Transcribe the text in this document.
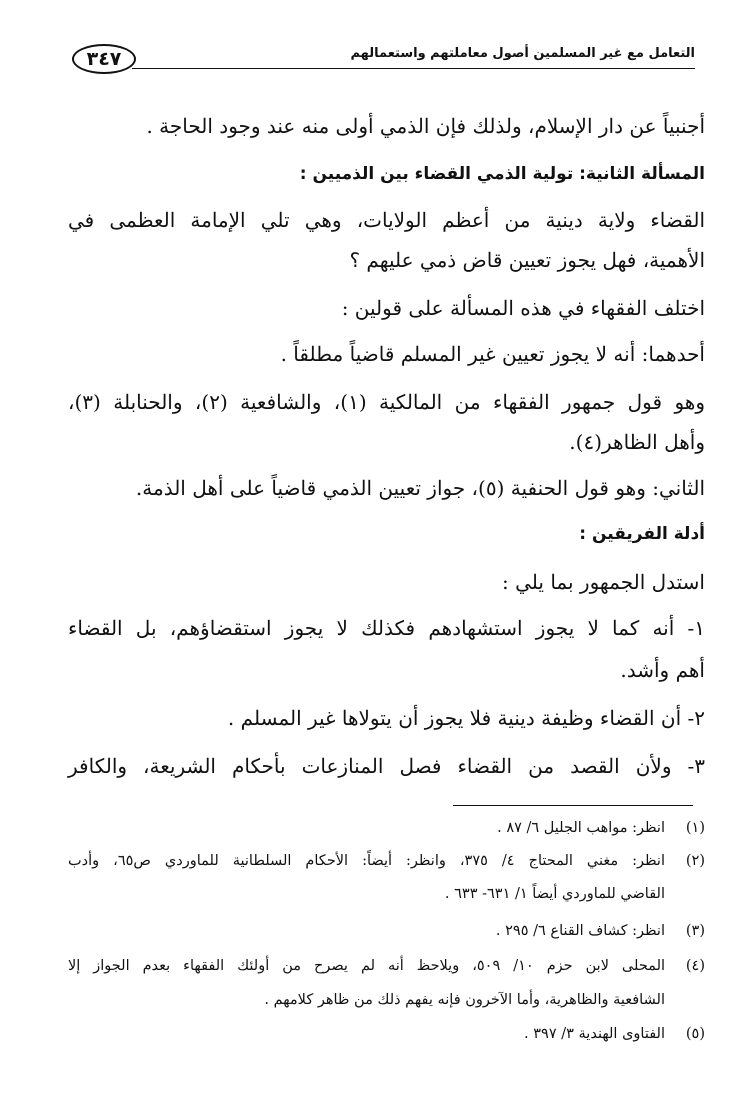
التعامل مع غير المسلمين أصول معاملتهم واستعمالهم
٣٤٧
أجنبياً عن دار الإسلام، ولذلك فإن الذمي أولى منه عند وجود الحاجة .
المسألة الثانية: تولية الذمي القضاء بين الذميين :
القضاء ولاية دينية من أعظم الولايات، وهي تلي الإمامة العظمى في
الأهمية، فهل يجوز تعيين قاض ذمي عليهم ؟
اختلف الفقهاء في هذه المسألة على قولين :
أحدهما: أنه لا يجوز تعيين غير المسلم قاضياً مطلقاً .
وهو قول جمهور الفقهاء من المالكية (١)، والشافعية (٢)، والحنابلة (٣)،
وأهل الظاهر(٤).
الثاني: وهو قول الحنفية (٥)، جواز تعيين الذمي قاضياً على أهل الذمة.
أدلة الفريقين :
استدل الجمهور بما يلي :
١- أنه كما لا يجوز استشهادهم فكذلك لا يجوز استقضاؤهم، بل القضاء
أهم وأشد.
٢- أن القضاء وظيفة دينية فلا يجوز أن يتولاها غير المسلم .
٣- ولأن القصد من القضاء فصل المنازعات بأحكام الشريعة، والكافر
(١)انظر: مواهب الجليل ٦/ ٨٧ .
(٢)انظر: مغني المحتاج ٤/ ٣٧٥، وانظر: أيضاً: الأحكام السلطانية للماوردي ص٦٥، وأدب
القاضي للماوردي أيضاً ١/ ٦٣١- ٦٣٣ .
(٣)انظر: كشاف القناع ٦/ ٢٩٥ .
(٤)المحلى لابن حزم ١٠/ ٥٠٩، ويلاحظ أنه لم يصرح من أولئك الفقهاء بعدم الجواز إلا
الشافعية والظاهرية، وأما الآخرون فإنه يفهم ذلك من ظاهر كلامهم .
(٥)الفتاوى الهندية ٣/ ٣٩٧ .
